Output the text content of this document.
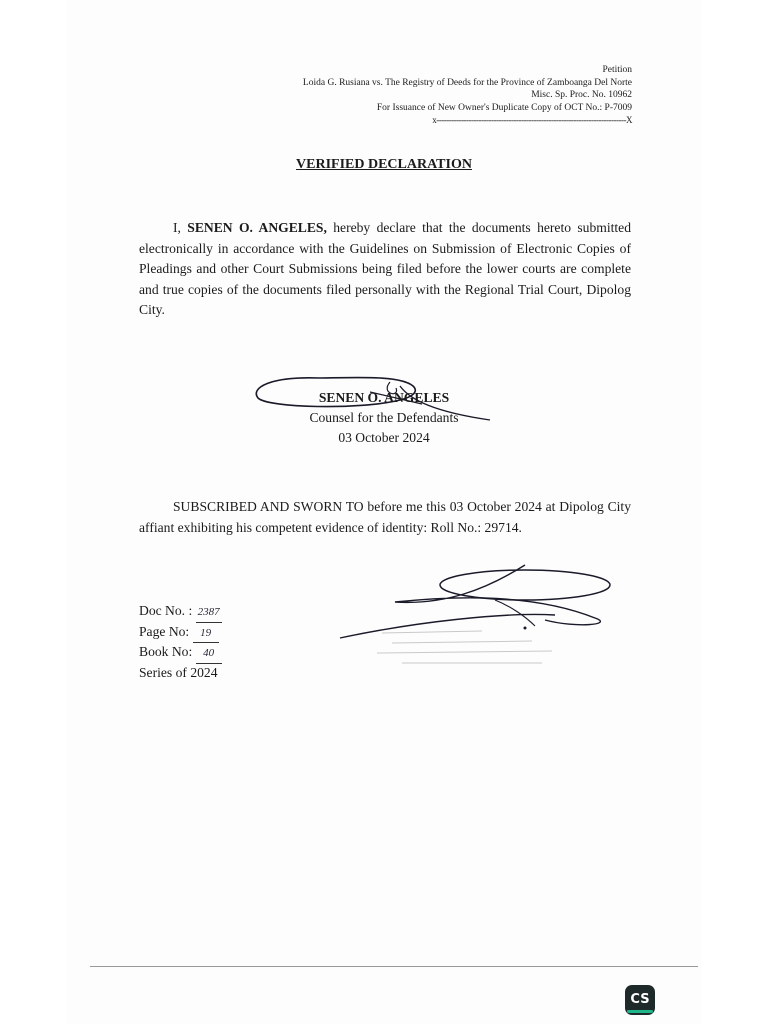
Petition
Loida G. Rusiana vs. The Registry of Deeds for the Province of Zamboanga Del Norte
Misc. Sp. Proc. No. 10962
For Issuance of New Owner's Duplicate Copy of OCT No.: P-7009
x----------------------------------------------------------------------------X
VERIFIED DECLARATION
I, SENEN O. ANGELES, hereby declare that the documents hereto submitted electronically in accordance with the Guidelines on Submission of Electronic Copies of Pleadings and other Court Submissions being filed before the lower courts are complete and true copies of the documents filed personally with the Regional Trial Court, Dipolog City.
SENEN O. ANGELES
Counsel for the Defendants
03 October 2024
SUBSCRIBED AND SWORN TO before me this 03 October 2024 at Dipolog City affiant exhibiting his competent evidence of identity: Roll No.: 29714.
Doc No. : 2387
Page No: 19
Book No: 40
Series of 2024
CS
